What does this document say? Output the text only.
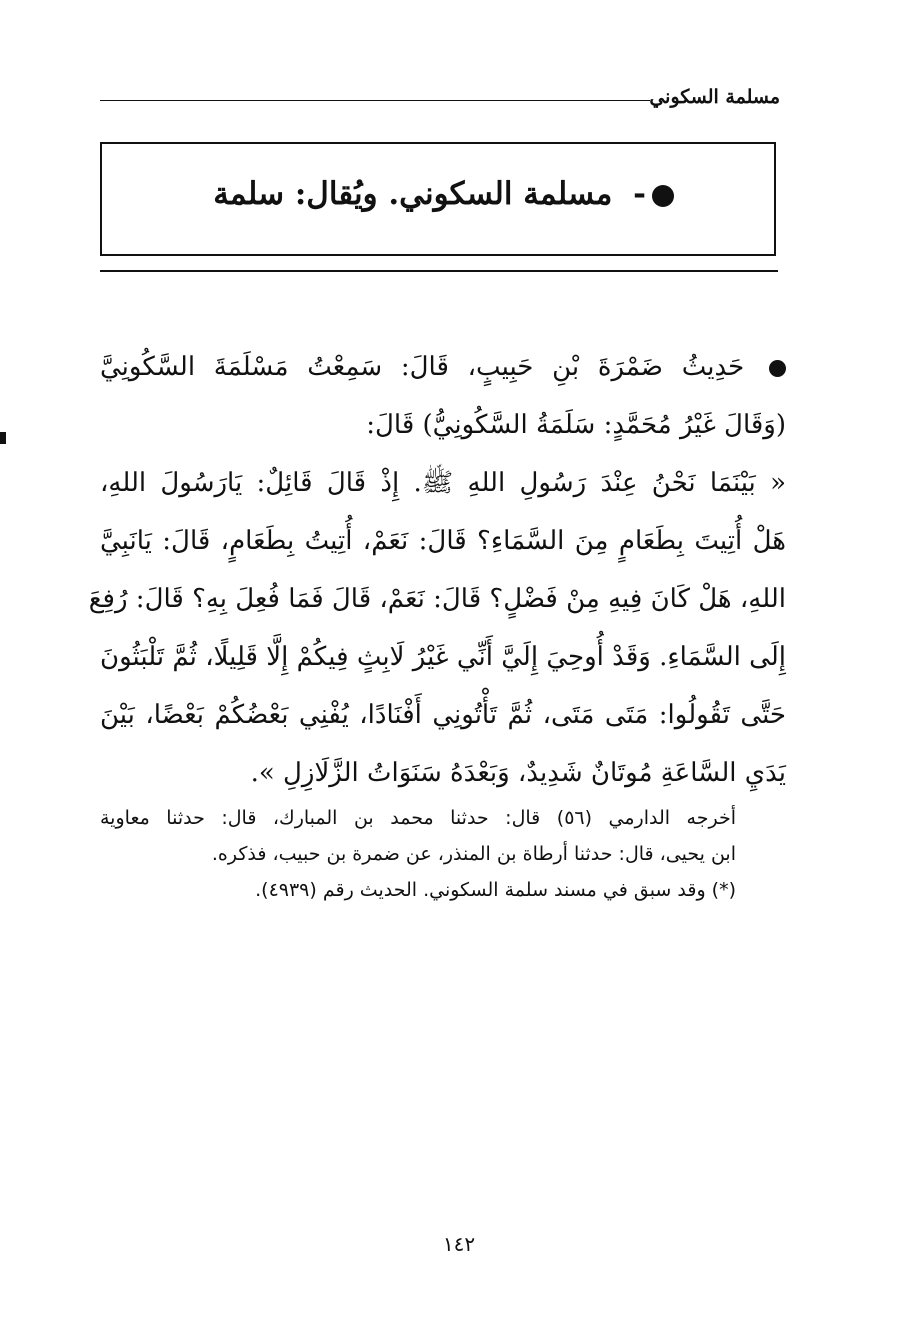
مسلمة السكوني
- مسلمة السكوني. ويُقال: سلمة
حَدِيثُ ضَمْرَةَ بْنِ حَبِيبٍ، قَالَ: سَمِعْتُ مَسْلَمَةَ السَّكُونِيَّ
(وَقَالَ غَيْرُ مُحَمَّدٍ: سَلَمَةُ السَّكُونِيُّ) قَالَ:
« بَيْنَمَا نَحْنُ عِنْدَ رَسُولِ اللهِ ﷺ. إِذْ قَالَ قَائِلٌ: يَارَسُولَ اللهِ،
هَلْ أُتِيتَ بِطَعَامٍ مِنَ السَّمَاءِ؟ قَالَ: نَعَمْ، أُتِيتُ بِطَعَامٍ، قَالَ: يَانَبِيَّ
اللهِ، هَلْ كَانَ فِيهِ مِنْ فَضْلٍ؟ قَالَ: نَعَمْ، قَالَ فَمَا فُعِلَ بِهِ؟ قَالَ: رُفِعَ
إِلَى السَّمَاءِ. وَقَدْ أُوحِيَ إِلَيَّ أَنِّي غَيْرُ لَابِثٍ فِيكُمْ إِلَّا قَلِيلًا، ثُمَّ تَلْبَثُونَ
حَتَّى تَقُولُوا: مَتَى مَتَى، ثُمَّ تَأْتُونِي أَفْنَادًا، يُفْنِي بَعْضُكُمْ بَعْضًا، بَيْنَ
يَدَيِ السَّاعَةِ مُوتَانٌ شَدِيدٌ، وَبَعْدَهُ سَنَوَاتُ الزَّلَازِلِ ».
أخرجه الدارمي (٥٦) قال: حدثنا محمد بن المبارك، قال: حدثنا معاوية
ابن يحيى، قال: حدثنا أرطاة بن المنذر، عن ضمرة بن حبيب، فذكره.
(*) وقد سبق في مسند سلمة السكوني. الحديث رقم (٤٩٣٩).
١٤٢
